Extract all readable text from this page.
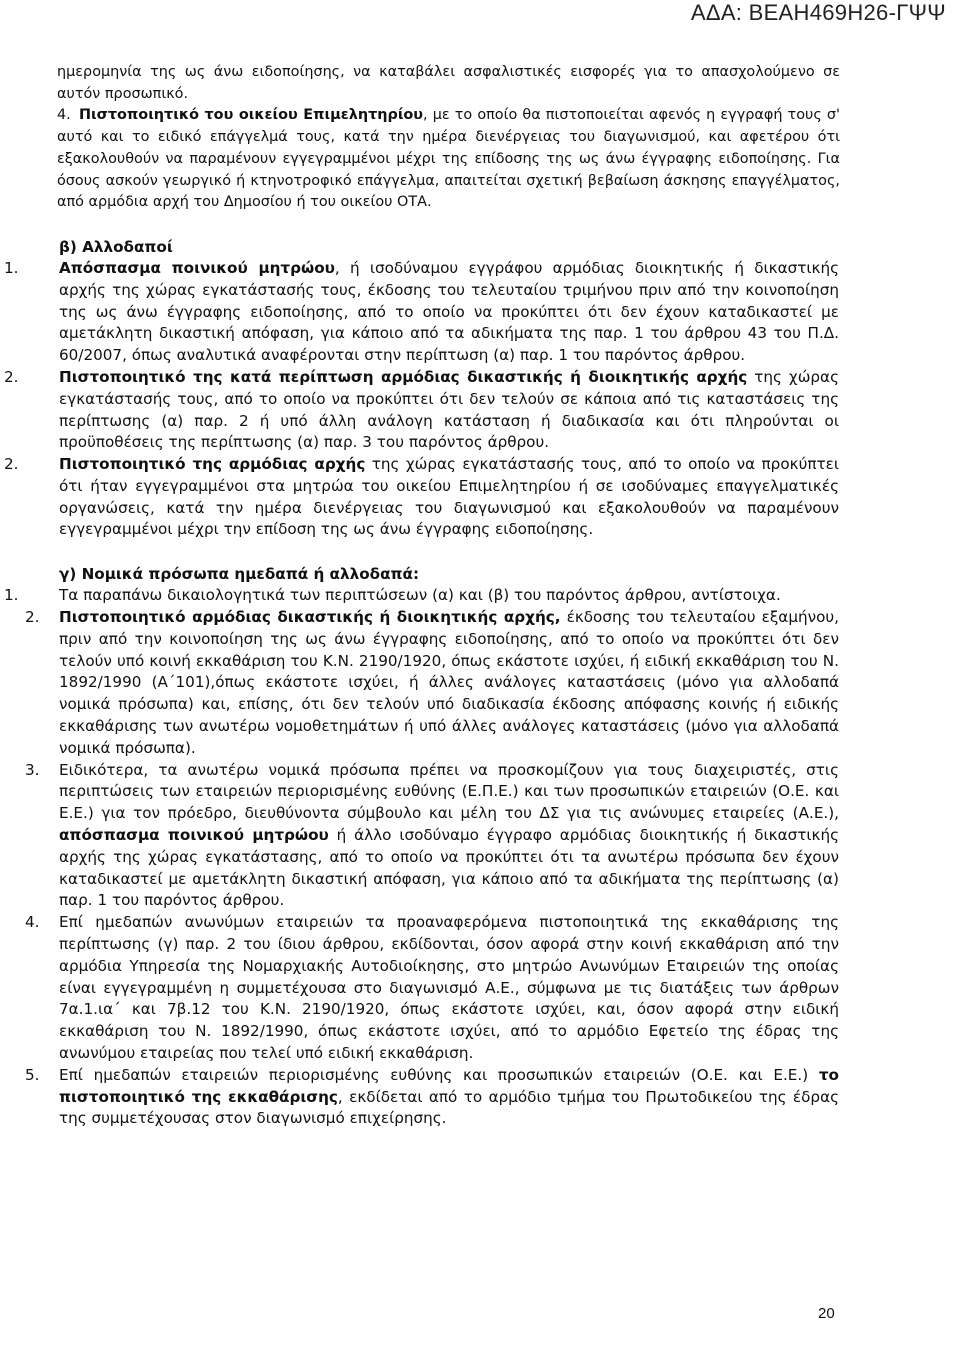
ΑΔΑ: ΒΕΑΗ469Η26-ΓΨΨ

ημερομηνία της ως άνω ειδοποίησης, να καταβάλει ασφαλιστικές εισφορές για το απασχολούμενο σε αυτόν προσωπικό.

4. Πιστοποιητικό του οικείου Επιμελητηρίου, με το οποίο θα πιστοποιείται αφενός η εγγραφή τους σ' αυτό και το ειδικό επάγγελμά τους, κατά την ημέρα διενέργειας του διαγωνισμού, και αφετέρου ότι εξακολουθούν να παραμένουν εγγεγραμμένοι μέχρι της επίδοσης της ως άνω έγγραφης ειδοποίησης. Για όσους ασκούν γεωργικό ή κτηνοτροφικό επάγγελμα, απαιτείται σχετική βεβαίωση άσκησης επαγγέλματος, από αρμόδια αρχή του Δημοσίου ή του οικείου ΟΤΑ.

β) Αλλοδαποί

1.	Απόσπασμα ποινικού μητρώου, ή ισοδύναμου εγγράφου αρμόδιας διοικητικής ή δικαστικής αρχής της χώρας εγκατάστασής τους, έκδοσης του τελευταίου τριμήνου πριν από την κοινοποίηση της ως άνω έγγραφης ειδοποίησης, από το οποίο να προκύπτει ότι δεν έχουν καταδικαστεί με αμετάκλητη δικαστική απόφαση, για κάποιο από τα αδικήματα της παρ. 1 του άρθρου 43 του Π.Δ. 60/2007, όπως αναλυτικά αναφέρονται στην περίπτωση (α) παρ. 1 του παρόντος άρθρου.

2.	Πιστοποιητικό της κατά περίπτωση αρμόδιας δικαστικής ή διοικητικής αρχής της χώρας εγκατάστασής τους, από το οποίο να προκύπτει ότι δεν τελούν σε κάποια από τις καταστάσεις της περίπτωσης (α) παρ. 2 ή υπό άλλη ανάλογη κατάσταση ή διαδικασία και ότι πληρούνται οι προϋποθέσεις της περίπτωσης (α) παρ. 3 του παρόντος άρθρου.

2.	Πιστοποιητικό της αρμόδιας αρχής της χώρας εγκατάστασής τους, από το οποίο να προκύπτει ότι ήταν εγγεγραμμένοι στα μητρώα του οικείου Επιμελητηρίου ή σε ισοδύναμες επαγγελματικές οργανώσεις, κατά την ημέρα διενέργειας του διαγωνισμού και εξακολουθούν να παραμένουν εγγεγραμμένοι μέχρι την επίδοση της ως άνω έγγραφης ειδοποίησης.

γ) Νομικά πρόσωπα ημεδαπά ή αλλοδαπά:

1.	Τα παραπάνω δικαιολογητικά των περιπτώσεων (α) και (β) του παρόντος άρθρου, αντίστοιχα.

2.	Πιστοποιητικό αρμόδιας δικαστικής ή διοικητικής αρχής, έκδοσης του τελευταίου εξαμήνου, πριν από την κοινοποίηση της ως άνω έγγραφης ειδοποίησης, από το οποίο να προκύπτει ότι δεν τελούν υπό κοινή εκκαθάριση του Κ.Ν. 2190/1920, όπως εκάστοτε ισχύει, ή ειδική εκκαθάριση του Ν. 1892/1990 (Α΄101),όπως εκάστοτε ισχύει, ή άλλες ανάλογες καταστάσεις (μόνο για αλλοδαπά νομικά πρόσωπα) και, επίσης, ότι δεν τελούν υπό διαδικασία έκδοσης απόφασης κοινής ή ειδικής εκκαθάρισης των ανωτέρω νομοθετημάτων ή υπό άλλες ανάλογες καταστάσεις (μόνο για αλλοδαπά νομικά πρόσωπα).

3.	Ειδικότερα, τα ανωτέρω νομικά πρόσωπα πρέπει να προσκομίζουν για τους διαχειριστές, στις περιπτώσεις των εταιρειών περιορισμένης ευθύνης (Ε.Π.Ε.) και των προσωπικών εταιρειών (Ο.Ε. και Ε.Ε.) για τον πρόεδρο, διευθύνοντα σύμβουλο και μέλη του ΔΣ για τις ανώνυμες εταιρείες (Α.Ε.), απόσπασμα ποινικού μητρώου ή άλλο ισοδύναμο έγγραφο αρμόδιας διοικητικής ή δικαστικής αρχής της χώρας εγκατάστασης, από το οποίο να προκύπτει ότι τα ανωτέρω πρόσωπα δεν έχουν καταδικαστεί με αμετάκλητη δικαστική απόφαση, για κάποιο από τα αδικήματα της περίπτωσης (α) παρ. 1 του παρόντος άρθρου.

4.	Επί ημεδαπών ανωνύμων εταιρειών τα προαναφερόμενα πιστοποιητικά της εκκαθάρισης της περίπτωσης (γ) παρ. 2 του ίδιου άρθρου, εκδίδονται, όσον αφορά στην κοινή εκκαθάριση από την αρμόδια Υπηρεσία της Νομαρχιακής Αυτοδιοίκησης, στο μητρώο Ανωνύμων Εταιρειών της οποίας είναι εγγεγραμμένη η συμμετέχουσα στο διαγωνισμό Α.Ε., σύμφωνα με τις διατάξεις των άρθρων 7α.1.ια΄ και 7β.12 του Κ.Ν. 2190/1920, όπως εκάστοτε ισχύει, και, όσον αφορά στην ειδική εκκαθάριση του Ν. 1892/1990, όπως εκάστοτε ισχύει, από το αρμόδιο Εφετείο της έδρας της ανωνύμου εταιρείας που τελεί υπό ειδική εκκαθάριση.

5.	Επί ημεδαπών εταιρειών περιορισμένης ευθύνης και προσωπικών εταιρειών (Ο.Ε. και Ε.Ε.) το πιστοποιητικό της εκκαθάρισης, εκδίδεται από το αρμόδιο τμήμα του Πρωτοδικείου της έδρας της συμμετέχουσας στον διαγωνισμό επιχείρησης.

20
